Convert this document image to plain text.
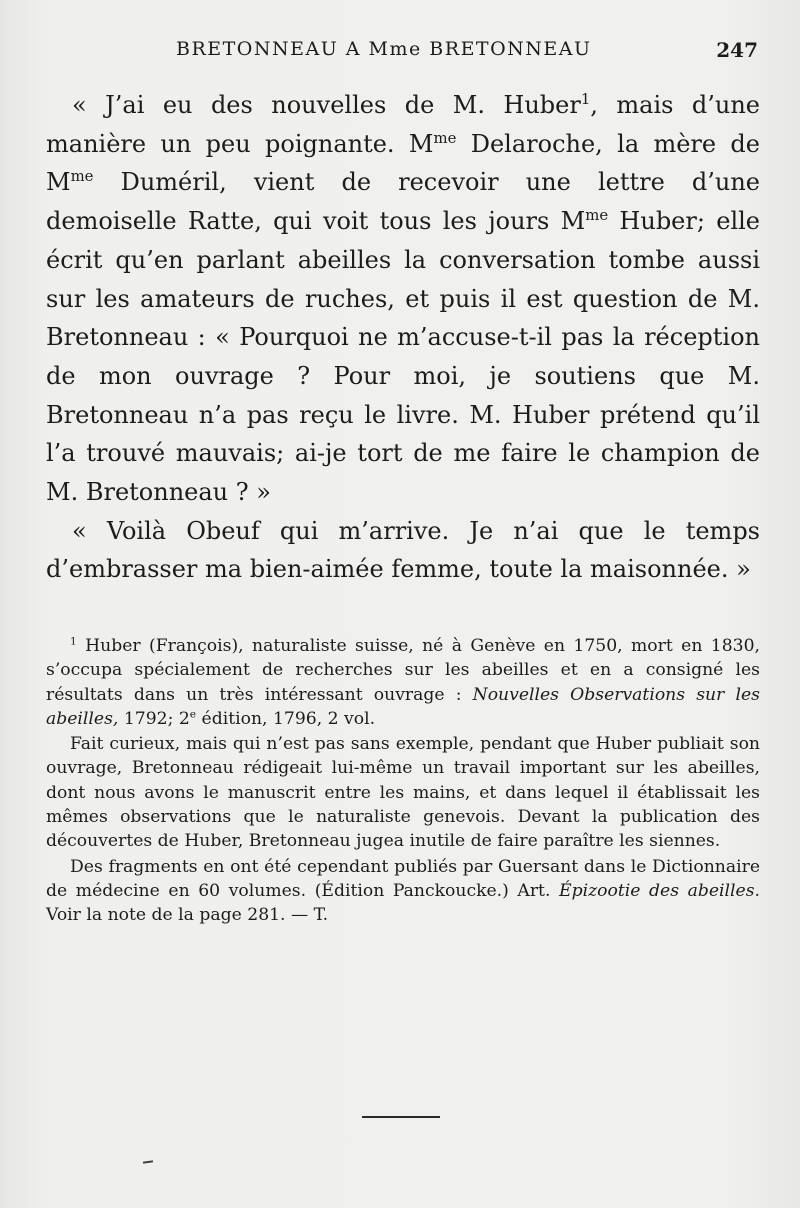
BRETONNEAU A Mme BRETONNEAU	247

« J’ai eu des nouvelles de M. Huber$^1$, mais d’une manière un peu poignante. $M^{me}$ Delaroche, la mère de $M^{me}$ Duméril, vient de recevoir une lettre d’une demoiselle Ratte, qui voit tous les jours $M^{me}$ Huber; elle écrit qu’en parlant abeilles la conversation tombe aussi sur les amateurs de ruches, et puis il est question de M. Bretonneau : « Pourquoi ne m’accuse-t-il pas la réception de mon ouvrage ? Pour moi, je soutiens que M. Bretonneau n’a pas reçu le livre. M. Huber prétend qu’il l’a trouvé mauvais; ai-je tort de me faire le champion de M. Bretonneau ? »

« Voilà Obeuf qui m’arrive. Je n’ai que le temps d’embrasser ma bien-aimée femme, toute la maisonnée. »

$^1$ Huber (François), naturaliste suisse, né à Genève en 1750, mort en 1830, s’occupa spécialement de recherches sur les abeilles et en a consigné les résultats dans un très intéressant ouvrage : Nouvelles Observations sur les abeilles, 1792; 2e édition, 1796, 2 vol.

Fait curieux, mais qui n’est pas sans exemple, pendant que Huber publiait son ouvrage, Bretonneau rédigeait lui-même un travail important sur les abeilles, dont nous avons le manuscrit entre les mains, et dans lequel il établissait les mêmes observations que le naturaliste genevois. Devant la publication des découvertes de Huber, Bretonneau jugea inutile de faire paraître les siennes.

Des fragments en ont été cependant publiés par Guersant dans le Dictionnaire de médecine en 60 volumes. (Édition Panckoucke.) Art. Épizootie des abeilles. Voir la note de la page 281. — T.
